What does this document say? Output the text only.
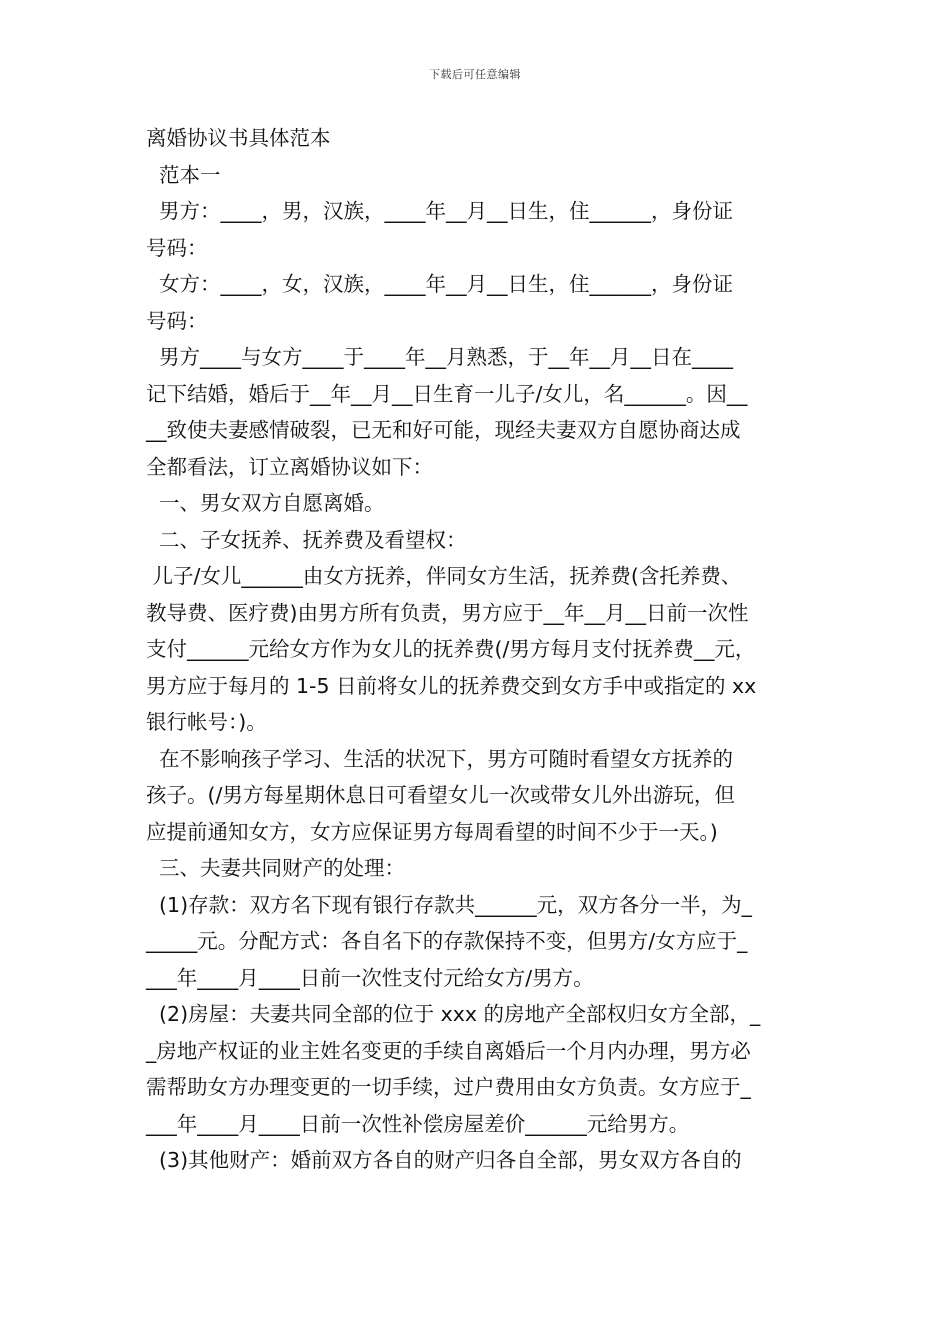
下载后可任意编辑
离婚协议书具体范本
范本一
男方：____，男，汉族，____年__月__日生，住______，身份证
号码：
女方：____，女，汉族，____年__月__日生，住______，身份证
号码：
男方____与女方____于____年__月熟悉，于__年__月__日在____
记下结婚，婚后于__年__月__日生育一儿子/女儿，名______。因__
__致使夫妻感情破裂，已无和好可能，现经夫妻双方自愿协商达成
全都看法，订立离婚协议如下：
一、男女双方自愿离婚。
二、子女抚养、抚养费及看望权：
儿子/女儿______由女方抚养，伴同女方生活，抚养费(含托养费、
教导费、医疗费)由男方所有负责，男方应于__年__月__日前一次性
支付______元给女方作为女儿的抚养费(/男方每月支付抚养费__元，
男方应于每月的 1-5 日前将女儿的抚养费交到女方手中或指定的 xx
银行帐号：)。
在不影响孩子学习、生活的状况下，男方可随时看望女方抚养的
孩子。(/男方每星期休息日可看望女儿一次或带女儿外出游玩，但
应提前通知女方，女方应保证男方每周看望的时间不少于一天。)
三、夫妻共同财产的处理：
(1)存款：双方名下现有银行存款共______元，双方各分一半，为_
_____元。分配方式：各自名下的存款保持不变，但男方/女方应于_
___年____月____日前一次性支付元给女方/男方。
(2)房屋：夫妻共同全部的位于 xxx 的房地产全部权归女方全部，_
_房地产权证的业主姓名变更的手续自离婚后一个月内办理，男方必
需帮助女方办理变更的一切手续，过户费用由女方负责。女方应于_
___年____月____日前一次性补偿房屋差价______元给男方。
(3)其他财产：婚前双方各自的财产归各自全部，男女双方各自的
